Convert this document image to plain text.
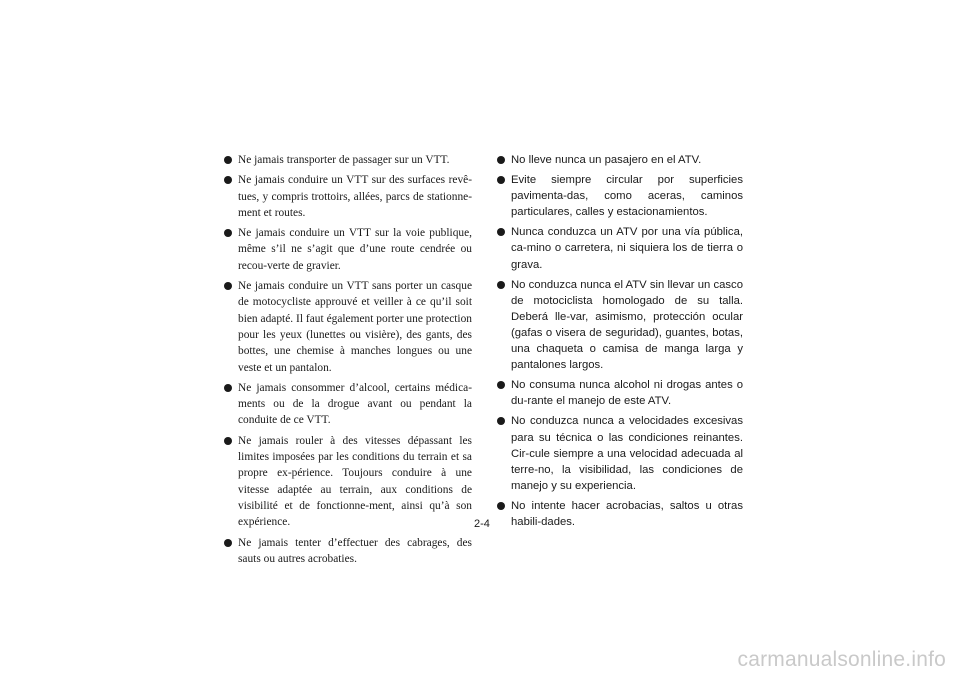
Ne jamais transporter de passager sur un VTT.
Ne jamais conduire un VTT sur des surfaces revê-tues, y compris trottoirs, allées, parcs de stationne-ment et routes.
Ne jamais conduire un VTT sur la voie publique, même s’il ne s’agit que d’une route cendrée ou recou-verte de gravier.
Ne jamais conduire un VTT sans porter un casque de motocycliste approuvé et veiller à ce qu’il soit bien adapté. Il faut également porter une protection pour les yeux (lunettes ou visière), des gants, des bottes, une chemise à manches longues ou une veste et un pantalon.
Ne jamais consommer d’alcool, certains médica-ments ou de la drogue avant ou pendant la conduite de ce VTT.
Ne jamais rouler à des vitesses dépassant les limites imposées par les conditions du terrain et sa propre ex-périence. Toujours conduire à une vitesse adaptée au terrain, aux conditions de visibilité et de fonctionne-ment, ainsi qu’à son expérience.
Ne jamais tenter d’effectuer des cabrages, des sauts ou autres acrobaties.
No lleve nunca un pasajero en el ATV.
Evite siempre circular por superficies pavimenta-das, como aceras, caminos particulares, calles y estacionamientos.
Nunca conduzca un ATV por una vía pública, ca-mino o carretera, ni siquiera los de tierra o grava.
No conduzca nunca el ATV sin llevar un casco de motociclista homologado de su talla. Deberá lle-var, asimismo, protección ocular (gafas o visera de seguridad), guantes, botas, una chaqueta o camisa de manga larga y pantalones largos.
No consuma nunca alcohol ni drogas antes o du-rante el manejo de este ATV.
No conduzca nunca a velocidades excesivas para su técnica o las condiciones reinantes. Cir-cule siempre a una velocidad adecuada al terre-no, la visibilidad, las condiciones de manejo y su experiencia.
No intente hacer acrobacias, saltos u otras habili-dades.
2-4
carmanualsonline.info
